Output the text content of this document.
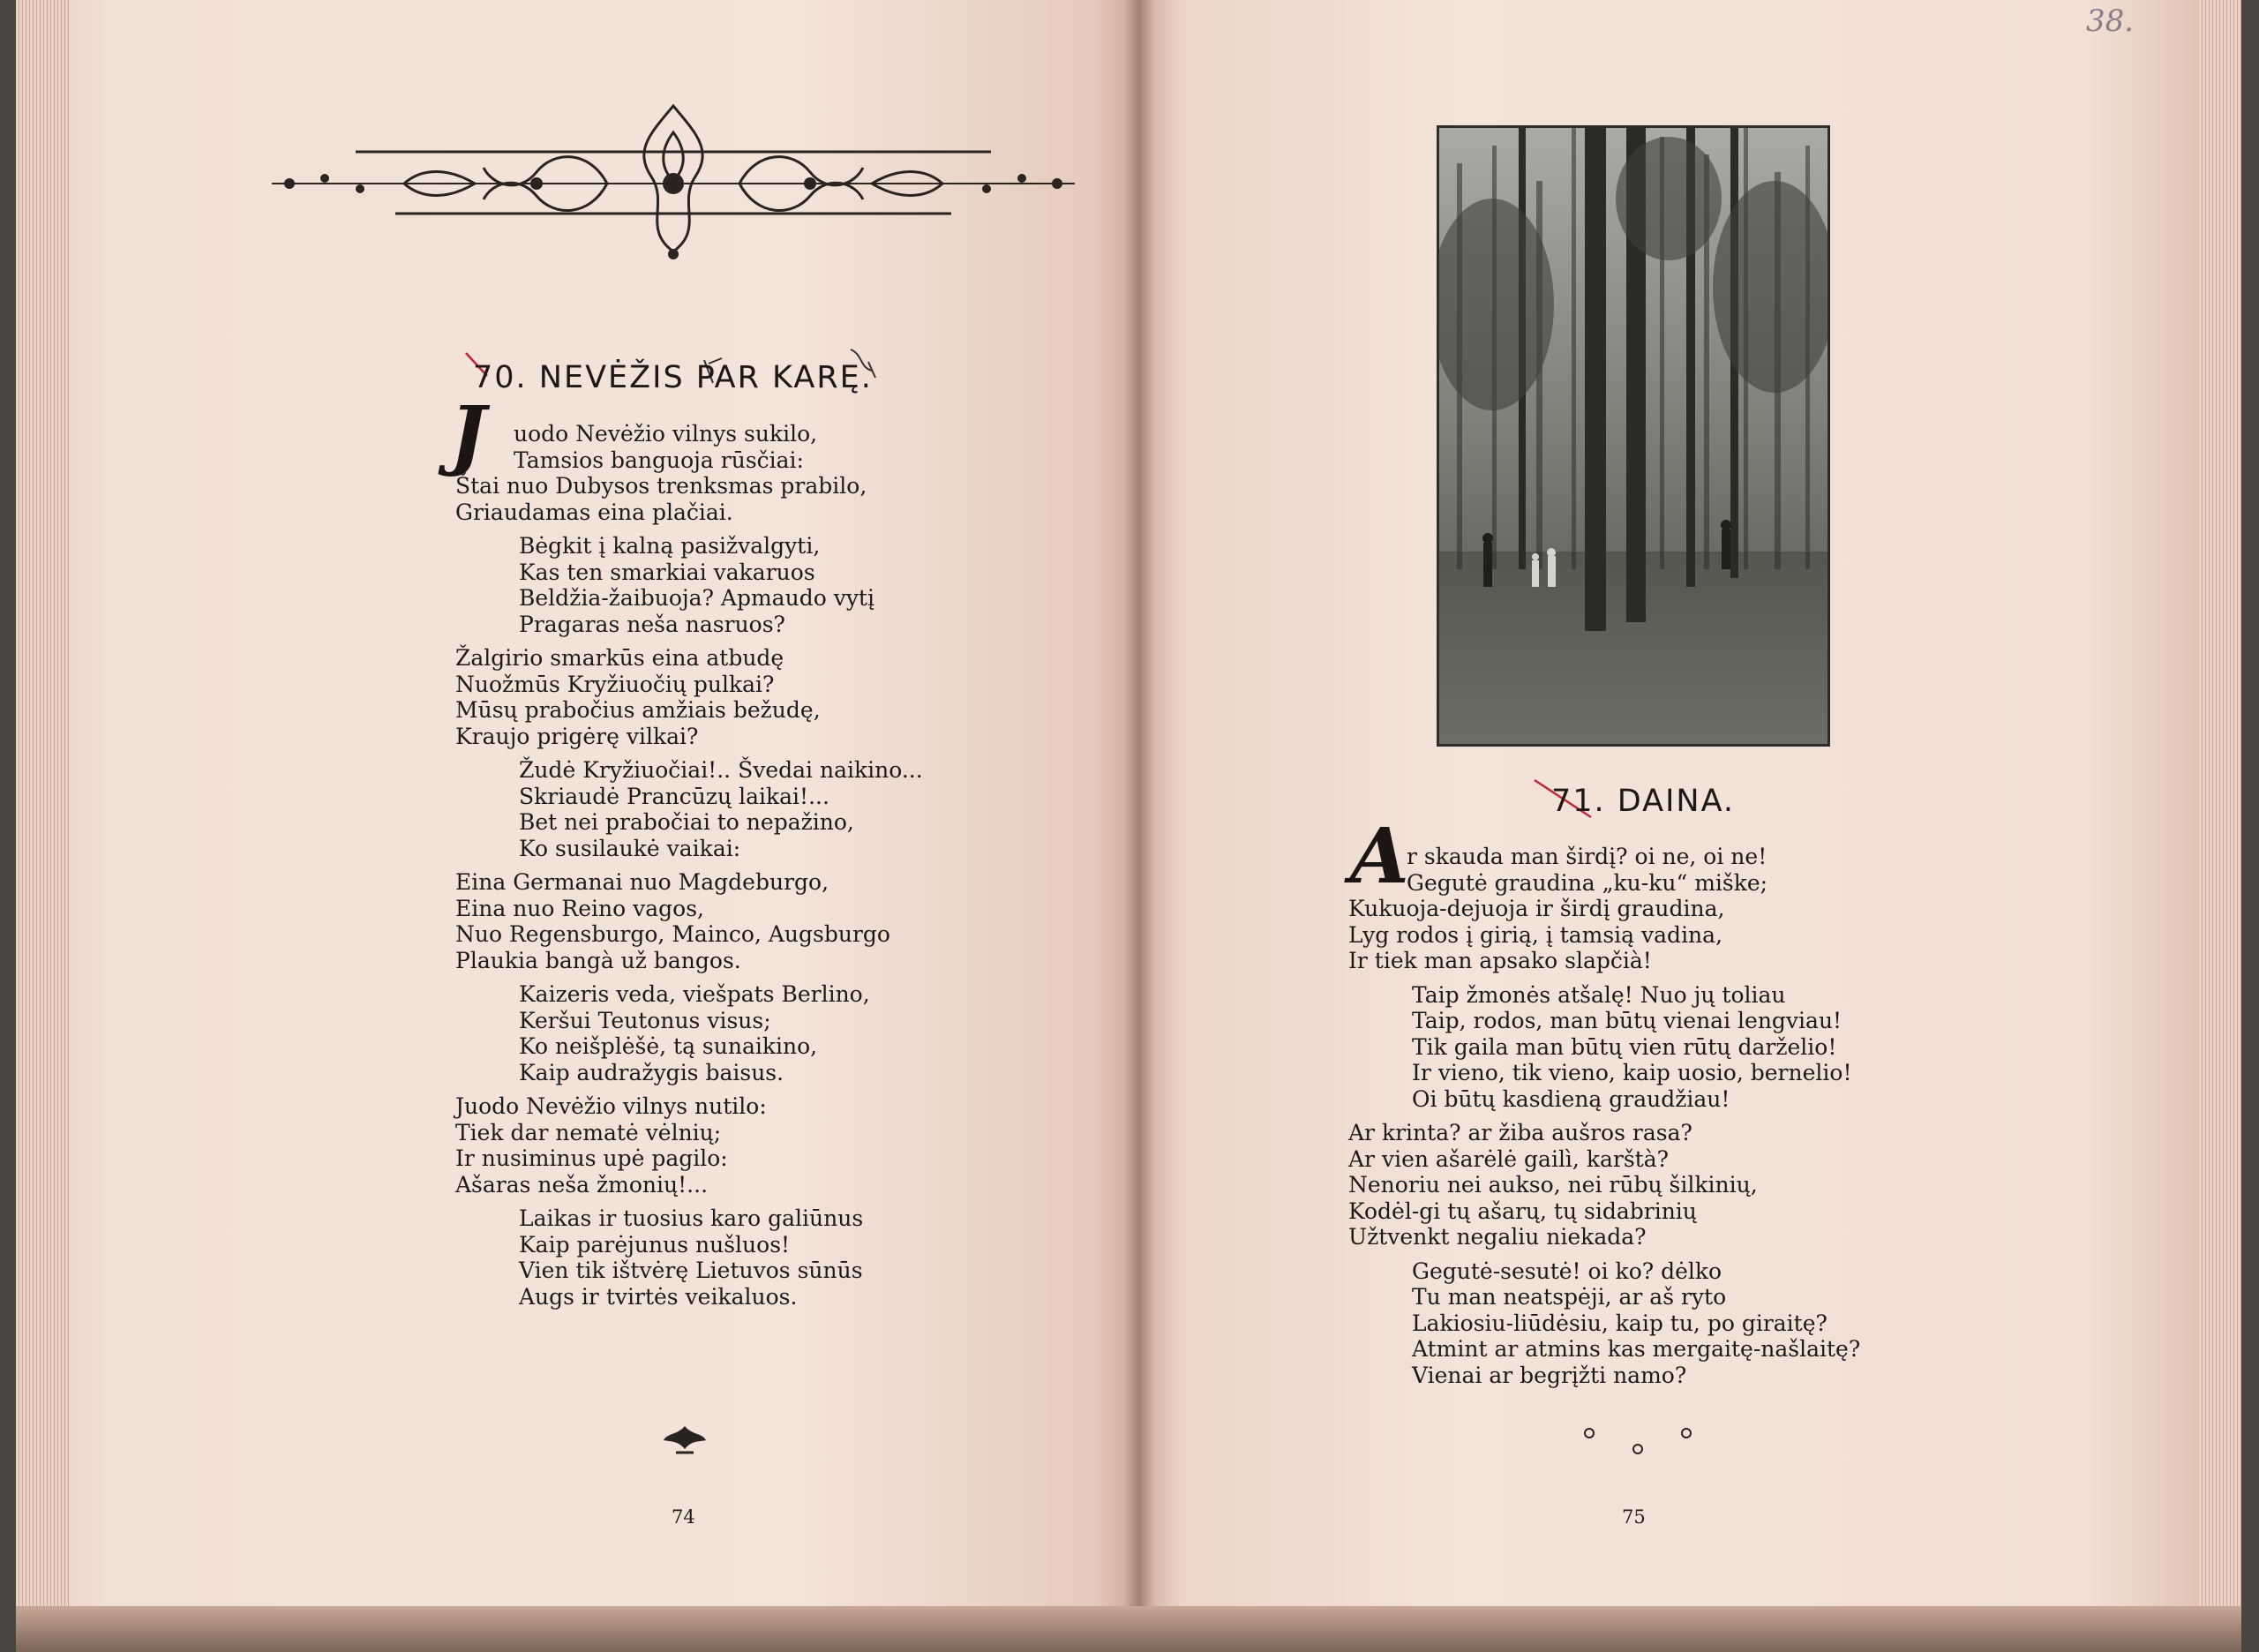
70. NEVĖŽIS PAR KARĘ.
J	uodo Nevėžio vilnys sukilo,
Tamsios banguoja rūsčiai:
Štai nuo Dubysos trenksmas prabilo,
Griaudamas eina plačiai.
Bėgkit į kalną pasižvalgyti,
Kas ten smarkiai vakaruos
Beldžia-žaibuoja? Apmaudo vytį
Pragaras neša nasruos?
Žalgirio smarkūs eina atbudę
Nuožmūs Kryžiuočių pulkai?
Mūsų prabočius amžiais bežudę,
Kraujo prigėrę vilkai?
Žudė Kryžiuočiai!.. Švedai naikino...
Skriaudė Prancūzų laikai!...
Bet nei prabočiai to nepažino,
Ko susilaukė vaikai:
Eina Germanai nuo Magdeburgo,
Eina nuo Reino vagos,
Nuo Regensburgo, Mainco, Augsburgo
Plaukia bangà už bangos.
Kaizeris veda, viešpats Berlino,
Keršui Teutonus visus;
Ko neišplėšė, tą sunaikino,
Kaip audražygis baisus.
Juodo Nevėžio vilnys nutilo:
Tiek dar nematė vėlnių;
Ir nusiminus upė pagilo:
Ašaras neša žmonių!...
Laikas ir tuosius karo galiūnus
Kaip parėjunus nušluos!
Vien tik ištvėrę Lietuvos sūnūs
Augs ir tvirtės veikaluos.
74
38.
71. DAINA.
A
r skauda man širdį? oi ne, oi ne!
Gegutė graudina „ku-ku“ miške;
Kukuoja-dejuoja ir širdį graudina,
Lyg rodos į girią, į tamsią vadina,
Ir tiek man apsako slapčià!
Taip žmonės atšalę! Nuo jų toliau
Taip, rodos, man būtų vienai lengviau!
Tik gaila man būtų vien rūtų darželio!
Ir vieno, tik vieno, kaip uosio, bernelio!
Oi būtų kasdieną graudžiau!
Ar krinta? ar žiba aušros rasa?
Ar vien ašarėlė gailì, karštà?
Nenoriu nei aukso, nei rūbų šilkinių,
Kodėl-gi tų ašarų, tų sidabrinių
Užtvenkt negaliu niekada?
Gegutė-sesutė! oi ko? dėlko
Tu man neatspėji, ar aš ryto
Lakiosiu-liūdėsiu, kaip tu, po giraitę?
Atmint ar atmins kas mergaitę-našlaitę?
Vienai ar begrįžti namo?
75
